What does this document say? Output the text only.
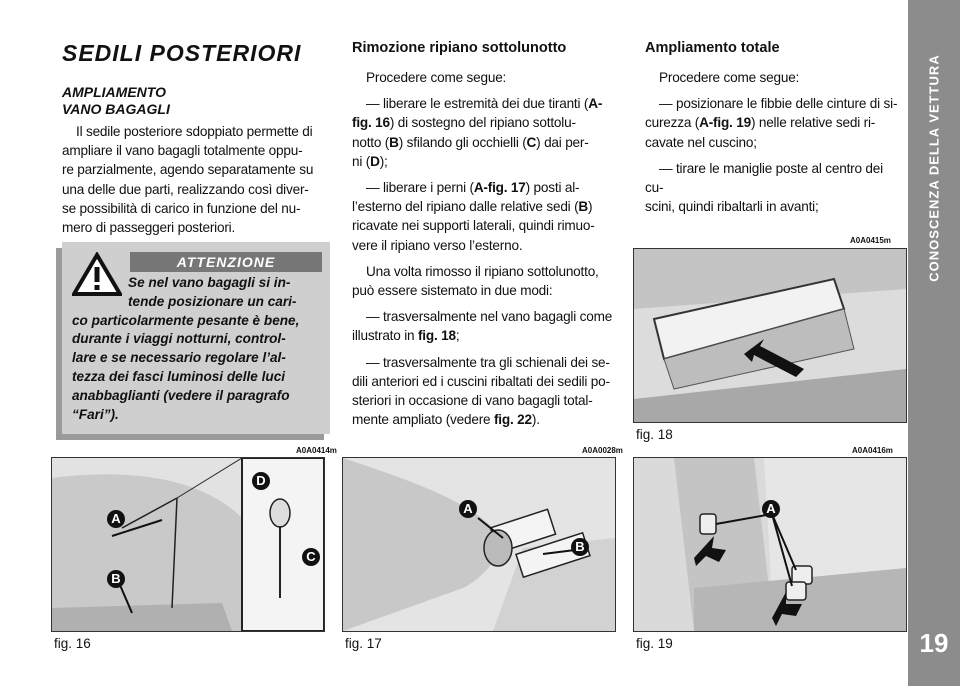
CONOSCENZA DELLA VETTURA
19
SEDILI POSTERIORI
AMPLIAMENTO
VANO BAGAGLI
Il sedile posteriore sdoppiato permette di
ampliare il vano bagagli totalmente oppu-
re parzialmente, agendo separatamente su
una delle due parti, realizzando così diver-
se possibilità di carico in funzione del nu-
mero di passeggeri posteriori.
ATTENZIONE
Se nel vano bagagli si in-
tende posizionare un cari-
co particolarmente pesante è bene,
durante i viaggi notturni, control-
lare e se necessario regolare l’al-
tezza dei fasci luminosi delle luci
anabbaglianti (vedere il paragrafo
“Fari”).
Rimozione ripiano sottolunotto
Procedere come segue:
— liberare le estremità dei due tiranti (A-
fig. 16) di sostegno del ripiano sottolu-
notto (B) sfilando gli occhielli (C) dai per-
ni (D);
— liberare i perni (A-fig. 17) posti al-
l’esterno del ripiano dalle relative sedi (B)
ricavate nei supporti laterali, quindi rimuo-
vere il ripiano verso l’esterno.
Una volta rimosso il ripiano sottolunotto,
può essere sistemato in due modi:
— trasversalmente nel vano bagagli come
illustrato in fig. 18;
— trasversalmente tra gli schienali dei se-
dili anteriori ed i cuscini ribaltati dei sedili po-
steriori in occasione di vano bagagli total-
mente ampliato (vedere fig. 22).
Ampliamento totale
Procedere come segue:
— posizionare le fibbie delle cinture di si-
curezza (A-fig. 19) nelle relative sedi ri-
cavate nel cuscino;
— tirare le maniglie poste al centro dei cu-
scini, quindi ribaltarli in avanti;
A0A0415m
fig. 18
A0A0414m
A
B
C
D
fig. 16
A0A0028m
A
B
fig. 17
A0A0416m
A
fig. 19
